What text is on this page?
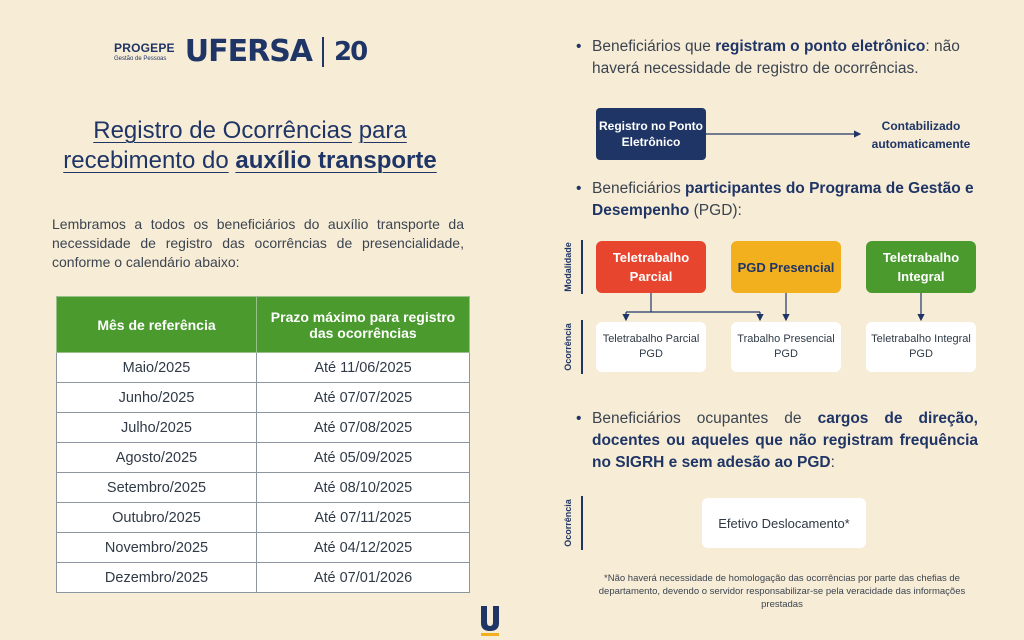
PROGEPE
Gestão de Pessoas UFERSA 20
Registro de Ocorrências para
recebimento do auxílio transporte

Lembramos a todos os beneficiários do auxílio transporte da necessidade de registro das ocorrências de presencialidade, conforme o calendário abaixo:

Mês de referência	Prazo máximo para registro das ocorrências
Maio/2025	Até 11/06/2025
Junho/2025	Até 07/07/2025
Julho/2025	Até 07/08/2025
Agosto/2025	Até 05/09/2025
Setembro/2025	Até 08/10/2025
Outubro/2025	Até 07/11/2025
Novembro/2025	Até 04/12/2025
Dezembro/2025	Até 07/01/2026
• Beneficiários que registram o ponto eletrônico: não haverá necessidade de registro de ocorrências.
Registro no Ponto Eletrônico
Contabilizado automaticamente
• Beneficiários participantes do Programa de Gestão e Desempenho (PGD):
Modalidade
Ocorrência
Teletrabalho Parcial
PGD Presencial
Teletrabalho Integral
Teletrabalho Parcial PGD
Trabalho Presencial PGD
Teletrabalho Integral PGD
• Beneficiários ocupantes de cargos de direção, docentes ou aqueles que não registram frequência no SIGRH e sem adesão ao PGD:
Ocorrência	Efetivo Deslocamento*
*Não haverá necessidade de homologação das ocorrências por parte das chefias de departamento, devendo o servidor responsabilizar-se pela veracidade das informações prestadas
